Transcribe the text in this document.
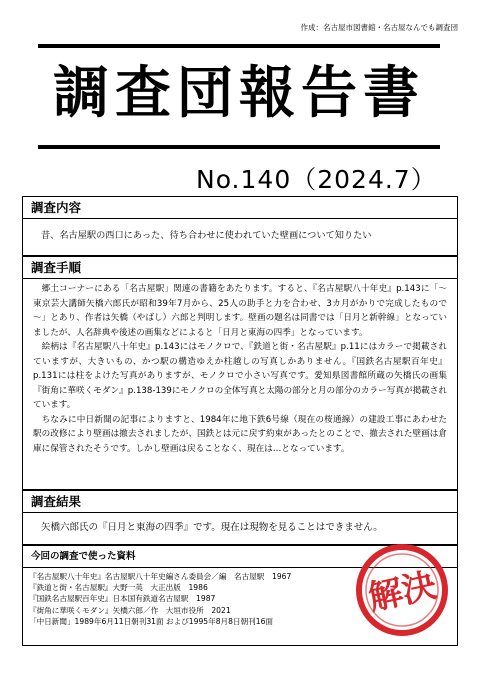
作成：名古屋市図書館・名古屋なんでも調査団
調査団報告書
No.140（2024.7）
調査内容
昔、名古屋駅の西口にあった、待ち合わせに使われていた壁画について知りたい
調査手順

郷土コーナーにある「名古屋駅」関連の書籍をあたります。すると、『名古屋駅八十年史』p.143に「～東京芸大講師矢橋六郎氏が昭和39年7月から、25人の助手と力を合わせ、3カ月がかりで完成したもので～」とあり、作者は矢橋（やばし）六郎と判明します。壁画の題名は同書では「日月と新幹線」となっていましたが、人名辞典や後述の画集などによると「日月と東海の四季」となっています。

絵柄は『名古屋駅八十年史』p.143にはモノクロで、『鉄道と街・名古屋駅』p.11にはカラーで掲載されていますが、大きいもの、かつ駅の構造ゆえか柱越しの写真しかありません。『国鉄名古屋駅百年史』p.131には柱をよけた写真がありますが、モノクロで小さい写真です。愛知県図書館所蔵の矢橋氏の画集『街角に華咲くモダン』p.138-139にモノクロの全体写真と太陽の部分と月の部分のカラー写真が掲載されています。

ちなみに中日新聞の記事によりますと、1984年に地下鉄6号線（現在の桜通線）の建設工事にあわせた駅の改修により壁画は撤去されましたが、国鉄とは元に戻す約束があったとのことで、撤去された壁画は倉庫に保管されたそうです。しかし壁画は戻ることなく、現在は…となっています。

調査結果
矢橋六郎氏の『日月と東海の四季』です。現在は現物を見ることはできません。
今回の調査で使った資料
『名古屋駅八十年史』名古屋駅八十年史編さん委員会／編　名古屋駅　1967
『鉄道と街・名古屋駅』大野一英　大正出版　1986
『国鉄名古屋駅百年史』日本国有鉄道名古屋駅　1987
『街角に華咲くモダン』矢橋六郎／作　大垣市役所　2021
「中日新聞」1989年6月11日朝刊31面 および1995年8月8日朝刊16面
解決
